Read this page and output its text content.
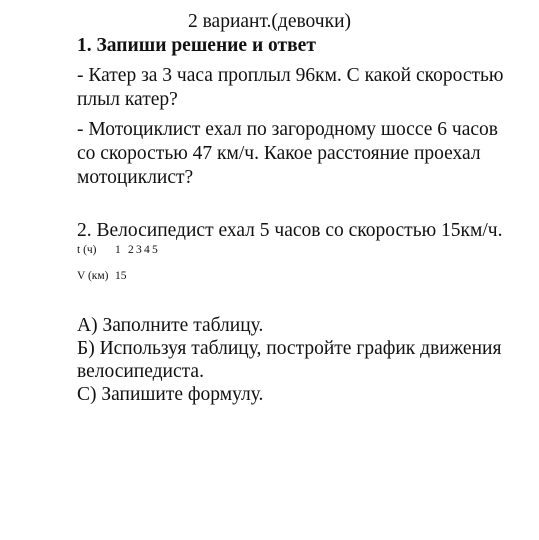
2 вариант.(девочки)
1. Запиши решение и ответ
- Катер за 3 часа проплыл 96км. С какой скоростью
плыл катер?
- Мотоциклист ехал по загородному шоссе 6 часов
со скоростью 47 км/ч. Какое расстояние проехал
мотоциклист?
2. Велосипедист ехал 5 часов со скоростью 15км/ч.
t (ч) 1 2 3 4 5
V (км) 15
А) Заполните таблицу.
Б) Используя таблицу, постройте график движения
велосипедиста.
С) Запишите формулу.
